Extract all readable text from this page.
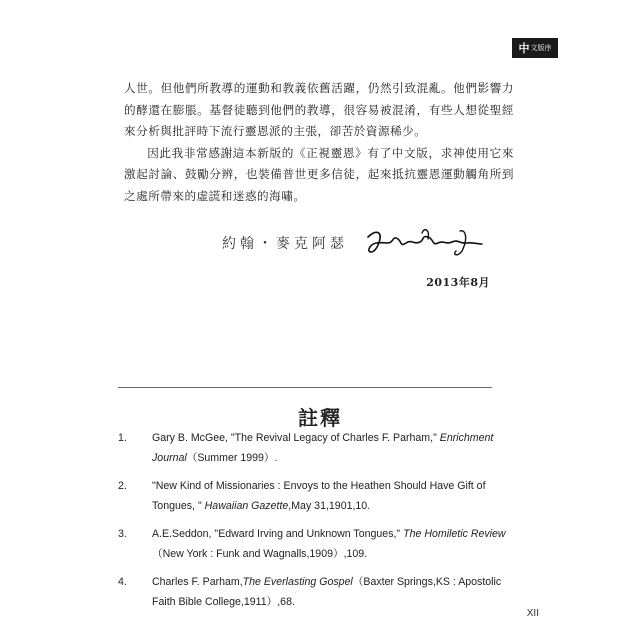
中 文版序

人世。但他們所教導的運動和教義依舊活躍，仍然引致混亂。他們影響力的酵還在膨脹。基督徒聽到他們的教導，很容易被混淆，有些人想從聖經來分析與批評時下流行靈恩派的主張，卻苦於資源稀少。

因此我非常感謝這本新版的《正視靈恩》有了中文版，求神使用它來激起討論、鼓勵分辨，也裝備普世更多信徒，起來抵抗靈恩運動觸角所到之處所帶來的虛謊和迷惑的海嘯。

約翰・麥克阿瑟
2013年8月
註釋
1.	Gary B. McGee, "The Revival Legacy of Charles F. Parham," Enrichment Journal（Summer 1999）.
2.	"New Kind of Missionaries : Envoys to the Heathen Should Have Gift of Tongues, " Hawaiian Gazette,May 31,1901,10.
3.	A.E.Seddon, "Edward Irving and Unknown Tongues," The Homiletic Review（New York : Funk and Wagnalls,1909）,109.
4.	Charles F. Parham,The Everlasting Gospel（Baxter Springs,KS : Apostolic Faith Bible College,1911）,68.
XII
